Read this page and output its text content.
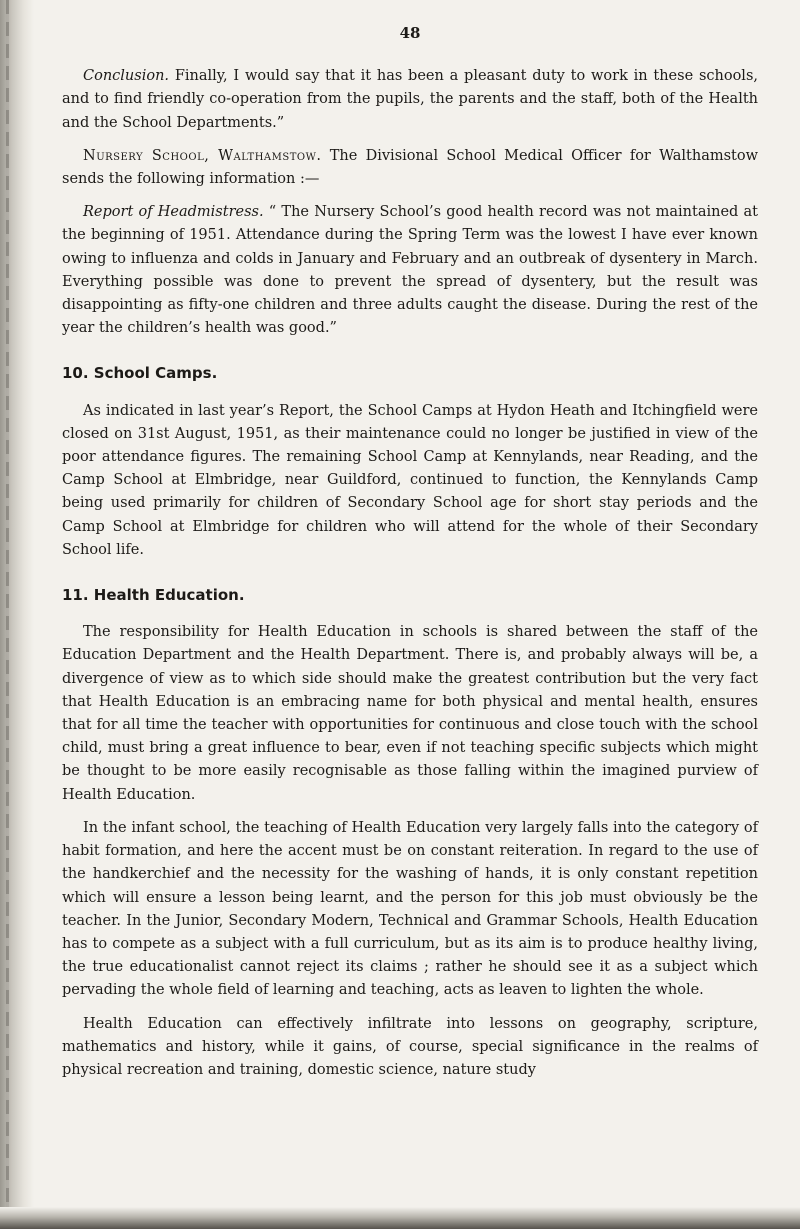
48

Conclusion. Finally, I would say that it has been a pleasant duty to work in these schools, and to find friendly co-operation from the pupils, the parents and the staff, both of the Health and the School Departments.”

Nursery School, Walthamstow. The Divisional School Medical Officer for Walthamstow sends the following information :—

Report of Headmistress. “ The Nursery School’s good health record was not maintained at the beginning of 1951. Attendance during the Spring Term was the lowest I have ever known owing to influenza and colds in January and February and an outbreak of dysentery in March. Everything possible was done to prevent the spread of dysentery, but the result was disappointing as fifty-one children and three adults caught the disease. During the rest of the year the children’s health was good.”

10. School Camps.

As indicated in last year’s Report, the School Camps at Hydon Heath and Itchingfield were closed on 31st August, 1951, as their maintenance could no longer be justified in view of the poor attendance figures. The remaining School Camp at Kennylands, near Reading, and the Camp School at Elmbridge, near Guildford, continued to function, the Kennylands Camp being used primarily for children of Secondary School age for short stay periods and the Camp School at Elmbridge for children who will attend for the whole of their Secondary School life.

11. Health Education.

The responsibility for Health Education in schools is shared between the staff of the Education Department and the Health Department. There is, and probably always will be, a divergence of view as to which side should make the greatest contribution but the very fact that Health Education is an embracing name for both physical and mental health, ensures that for all time the teacher with opportunities for continuous and close touch with the school child, must bring a great influence to bear, even if not teaching specific subjects which might be thought to be more easily recognisable as those falling within the imagined purview of Health Education.

In the infant school, the teaching of Health Education very largely falls into the category of habit formation, and here the accent must be on constant reiteration. In regard to the use of the handkerchief and the necessity for the washing of hands, it is only constant repetition which will ensure a lesson being learnt, and the person for this job must obviously be the teacher. In the Junior, Secondary Modern, Technical and Grammar Schools, Health Education has to compete as a subject with a full curriculum, but as its aim is to produce healthy living, the true educationalist cannot reject its claims ; rather he should see it as a subject which pervading the whole field of learning and teaching, acts as leaven to lighten the whole.

Health Education can effectively infiltrate into lessons on geography, scripture, mathematics and history, while it gains, of course, special significance in the realms of physical recreation and training, domestic science, nature study
